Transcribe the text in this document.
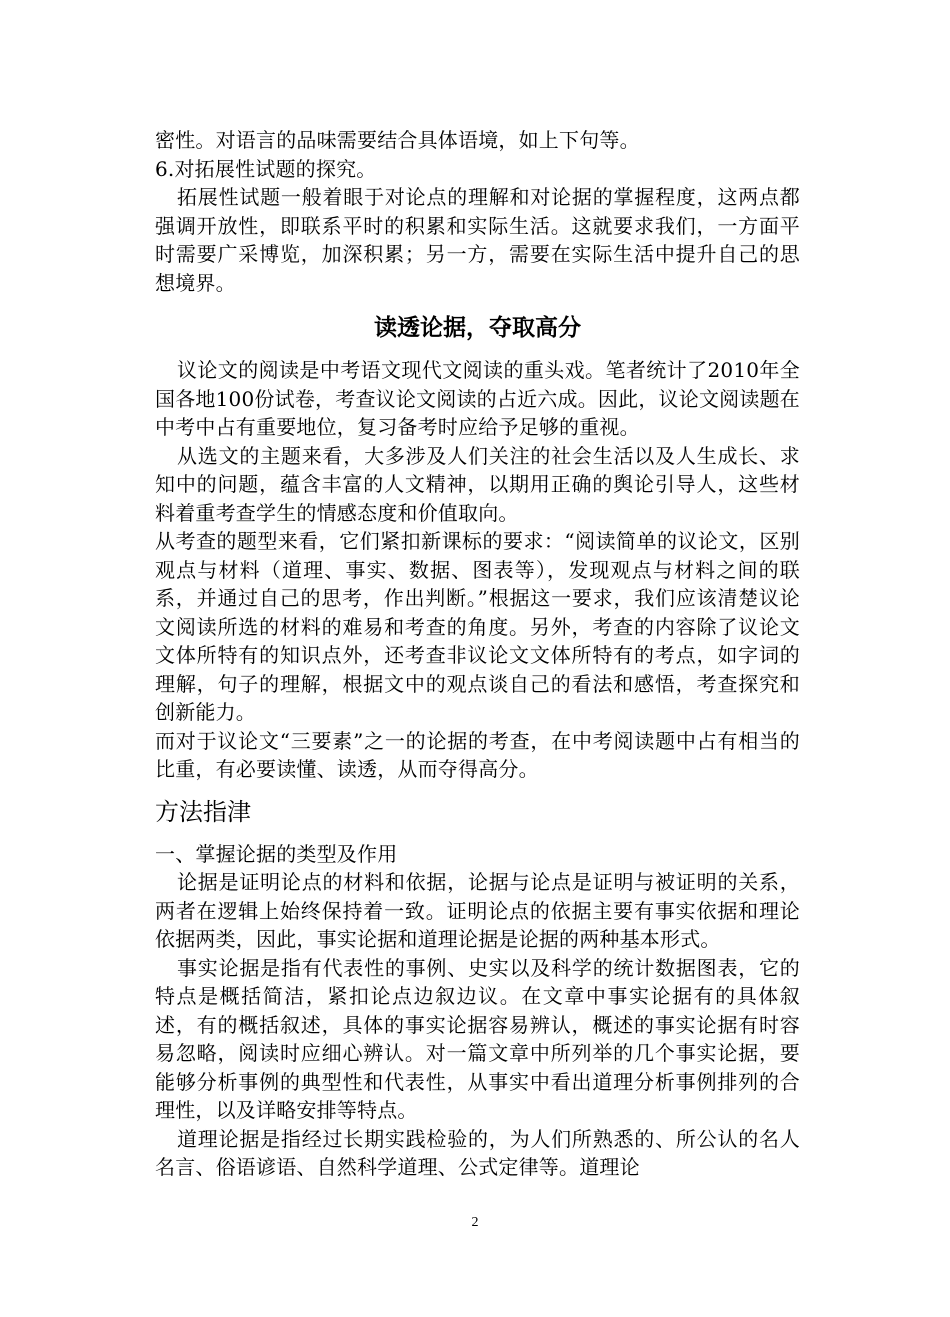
密性。对语言的品味需要结合具体语境，如上下句等。

6.对拓展性试题的探究。

拓展性试题一般着眼于对论点的理解和对论据的掌握程度，这两点都强调开放性，即联系平时的积累和实际生活。这就要求我们，一方面平时需要广采博览，加深积累；另一方，需要在实际生活中提升自己的思想境界。

读透论据，夺取高分

议论文的阅读是中考语文现代文阅读的重头戏。笔者统计了2010年全国各地100份试卷，考查议论文阅读的占近六成。因此，议论文阅读题在中考中占有重要地位，复习备考时应给予足够的重视。

从选文的主题来看，大多涉及人们关注的社会生活以及人生成长、求知中的问题，蕴含丰富的人文精神，以期用正确的舆论引导人，这些材料着重考查学生的情感态度和价值取向。

从考查的题型来看，它们紧扣新课标的要求：“阅读简单的议论文，区别观点与材料（道理、事实、数据、图表等），发现观点与材料之间的联系，并通过自己的思考，作出判断。”根据这一要求，我们应该清楚议论文阅读所选的材料的难易和考查的角度。另外，考查的内容除了议论文文体所特有的知识点外，还考查非议论文文体所特有的考点，如字词的理解，句子的理解，根据文中的观点谈自己的看法和感悟，考查探究和创新能力。

而对于议论文“三要素”之一的论据的考查，在中考阅读题中占有相当的比重，有必要读懂、读透，从而夺得高分。

方法指津

一、掌握论据的类型及作用

论据是证明论点的材料和依据，论据与论点是证明与被证明的关系，两者在逻辑上始终保持着一致。证明论点的依据主要有事实依据和理论依据两类，因此，事实论据和道理论据是论据的两种基本形式。

事实论据是指有代表性的事例、史实以及科学的统计数据图表，它的特点是概括简洁，紧扣论点边叙边议。在文章中事实论据有的具体叙述，有的概括叙述，具体的事实论据容易辨认，概述的事实论据有时容易忽略，阅读时应细心辨认。对一篇文章中所列举的几个事实论据，要能够分析事例的典型性和代表性，从事实中看出道理分析事例排列的合理性，以及详略安排等特点。

道理论据是指经过长期实践检验的，为人们所熟悉的、所公认的名人名言、俗语谚语、自然科学道理、公式定律等。道理论

2
